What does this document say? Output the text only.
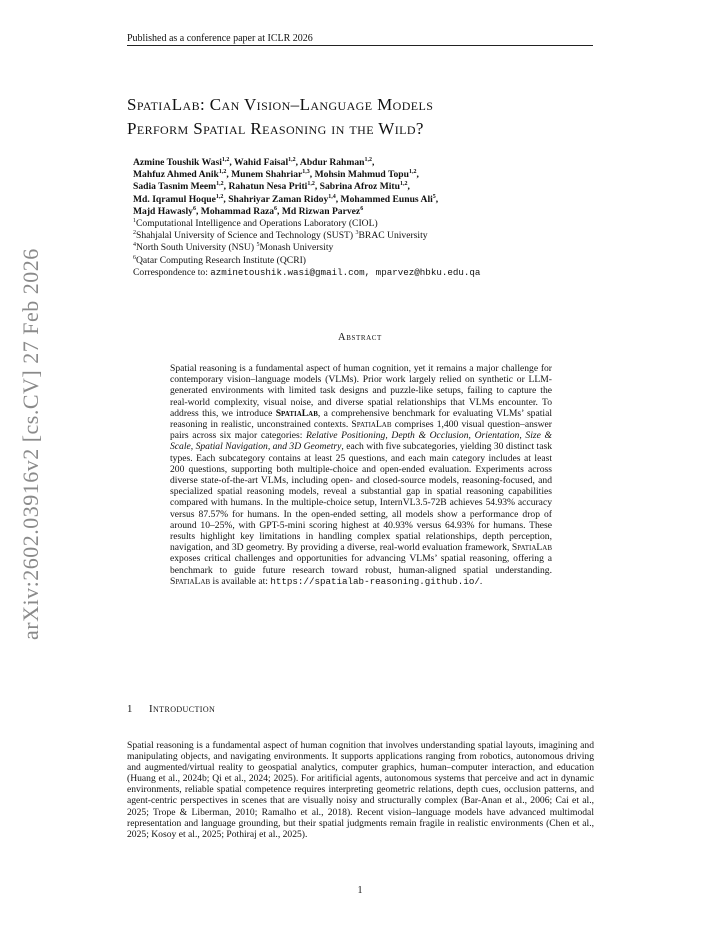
Published as a conference paper at ICLR 2026
arXiv:2602.03916v2 [cs.CV] 27 Feb 2026
SpatiaLab: Can Vision–Language Models
Perform Spatial Reasoning in the Wild?
Azmine Toushik Wasi$^{1,2}$, Wahid Faisal$^{1,2}$, Abdur Rahman$^{1,2}$,
Mahfuz Ahmed Anik$^{1,2}$, Munem Shahriar$^{1,3}$, Mohsin Mahmud Topu$^{1,2}$,
Sadia Tasnim Meem$^{1,2}$, Rahatun Nesa Priti$^{1,2}$, Sabrina Afroz Mitu$^{1,2}$,
Md. Iqramul Hoque$^{1,2}$, Shahriyar Zaman Ridoy$^{1,4}$, Mohammed Eunus Ali$^5$,
Majd Hawasly$^6$, Mohammad Raza$^6$, Md Rizwan Parvez$^6$
$^1$Computational Intelligence and Operations Laboratory (CIOL)
$^2$Shahjalal University of Science and Technology (SUST) $^3$BRAC University
$^4$North South University (NSU) $^5$Monash University
$^6$Qatar Computing Research Institute (QCRI)
Correspondence to: azminetoushik.wasi@gmail.com, mparvez@hbku.edu.qa
Abstract
Spatial reasoning is a fundamental aspect of human cognition, yet it remains a major challenge for contemporary vision–language models (VLMs). Prior work largely relied on synthetic or LLM-generated environments with limited task designs and puzzle-like setups, failing to capture the real-world complexity, visual noise, and diverse spatial relationships that VLMs encounter. To address this, we introduce SpatiaLab, a comprehensive benchmark for evaluating VLMs’ spatial reasoning in realistic, unconstrained contexts. SpatiaLab comprises 1,400 visual question–answer pairs across six major categories: Relative Positioning, Depth & Occlusion, Orientation, Size & Scale, Spatial Navigation, and 3D Geometry, each with five subcategories, yielding 30 distinct task types. Each subcategory contains at least 25 questions, and each main category includes at least 200 questions, supporting both multiple-choice and open-ended evaluation. Experiments across diverse state-of-the-art VLMs, including open- and closed-source models, reasoning-focused, and specialized spatial reasoning models, reveal a substantial gap in spatial reasoning capabilities compared with humans. In the multiple-choice setup, InternVL3.5-72B achieves 54.93% accuracy versus 87.57% for humans. In the open-ended setting, all models show a performance drop of around 10–25%, with GPT-5-mini scoring highest at 40.93% versus 64.93% for humans. These results highlight key limitations in handling complex spatial relationships, depth perception, navigation, and 3D geometry. By providing a diverse, real-world evaluation framework, SpatiaLab exposes critical challenges and opportunities for advancing VLMs’ spatial reasoning, offering a benchmark to guide future research toward robust, human-aligned spatial understanding. SpatiaLab is available at: https://spatialab-reasoning.github.io/.
1 Introduction
Spatial reasoning is a fundamental aspect of human cognition that involves understanding spatial layouts, imagining and manipulating objects, and navigating environments. It supports applications ranging from robotics, autonomous driving and augmented/virtual reality to geospatial analytics, computer graphics, human–computer interaction, and education (Huang et al., 2024b; Qi et al., 2024; 2025). For aritificial agents, autonomous systems that perceive and act in dynamic environments, reliable spatial competence requires interpreting geometric relations, depth cues, occlusion patterns, and agent-centric perspectives in scenes that are visually noisy and structurally complex (Bar-Anan et al., 2006; Cai et al., 2025; Trope & Liberman, 2010; Ramalho et al., 2018). Recent vision–language models have advanced multimodal representation and language grounding, but their spatial judgments remain fragile in realistic environments (Chen et al., 2025; Kosoy et al., 2025; Pothiraj et al., 2025).
1
